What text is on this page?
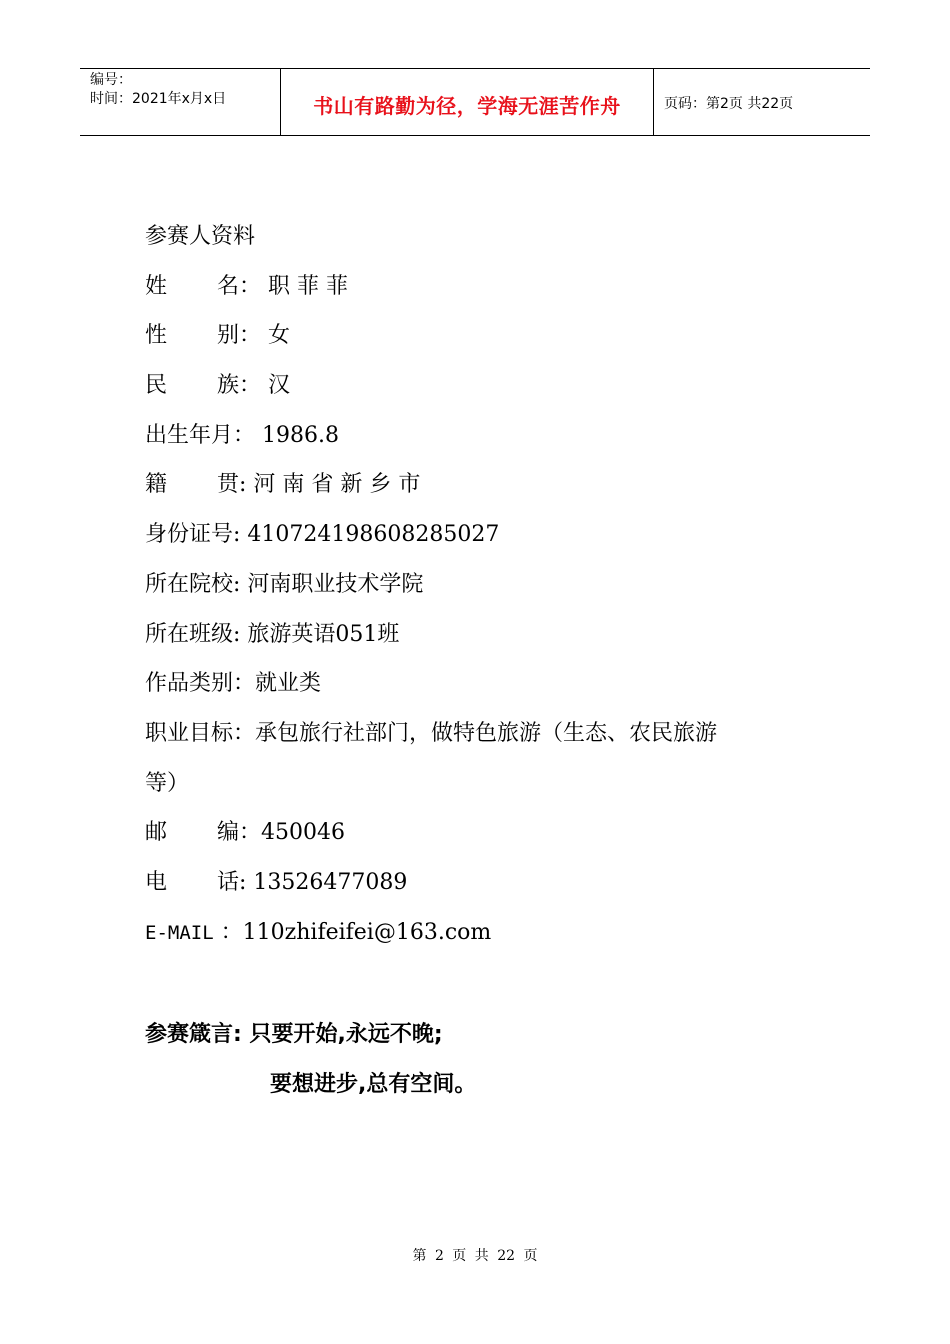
编号：
时间：2021年x月x日	书山有路勤为径，学海无涯苦作舟	页码：第2页 共22页
参赛人资料
姓 名： 职 菲 菲
性 别： 女
民 族： 汉
出生年月： 1986.8
籍 贯: 河 南 省 新 乡 市
身份证号: 410724198608285027
所在院校: 河南职业技术学院
所在班级: 旅游英语051班
作品类别：就业类
职业目标：承包旅行社部门，做特色旅游（生态、农民旅游
等）
邮 编：450046
电 话: 13526477089
E-MAIL ：110zhifeifei@163.com
参赛箴言: 只要开始,永远不晚;
要想进步,总有空间。
第 2 页 共 22 页
